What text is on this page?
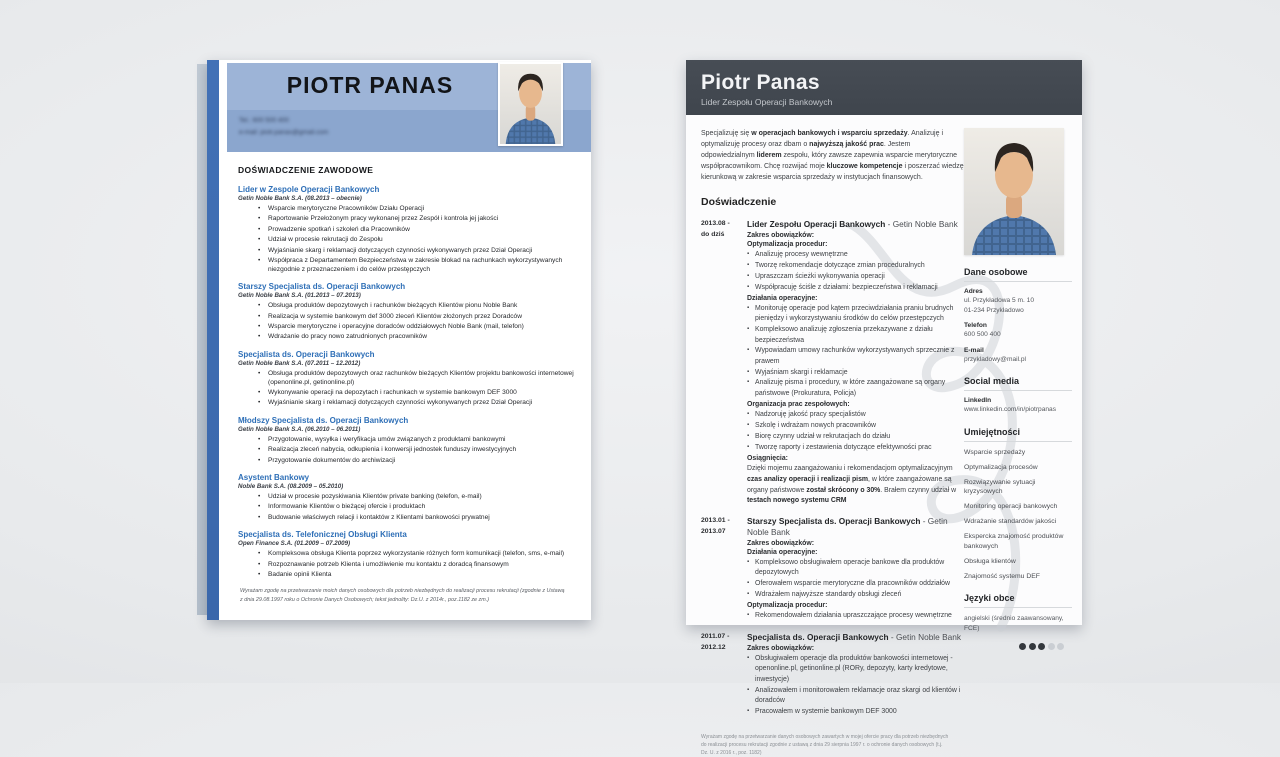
PIOTR PANAS
Tel.: 600 500 400
e-mail: piotr.panas@gmail.com
DOŚWIADCZENIE ZAWODOWE
Lider w Zespole Operacji Bankowych
Getin Noble Bank S.A. (08.2013 – obecnie)
• Wsparcie merytoryczne Pracowników Działu Operacji
• Raportowanie Przełożonym pracy wykonanej przez Zespół i kontrola jej jakości
• Prowadzenie spotkań i szkoleń dla Pracowników
• Udział w procesie rekrutacji do Zespołu
• Wyjaśnianie skarg i reklamacji dotyczących czynności wykonywanych przez Dział Operacji
• Współpraca z Departamentem Bezpieczeństwa w zakresie blokad na rachunkach wykorzystywanych niezgodnie z przeznaczeniem i do celów przestępczych
Starszy Specjalista ds. Operacji Bankowych
Getin Noble Bank S.A. (01.2013 – 07.2013)
• Obsługa produktów depozytowych i rachunków bieżących Klientów pionu Noble Bank
• Realizacja w systemie bankowym def 3000 zleceń Klientów złożonych przez Doradców
• Wsparcie merytoryczne i operacyjne doradców oddziałowych Noble Bank (mail, telefon)
• Wdrażanie do pracy nowo zatrudnionych pracowników
Specjalista ds. Operacji Bankowych
Getin Noble Bank S.A. (07.2011 – 12.2012)
• Obsługa produktów depozytowych oraz rachunków bieżących Klientów projektu bankowości internetowej (openonline.pl, getinonline.pl)
• Wykonywanie operacji na depozytach i rachunkach w systemie bankowym DEF 3000
• Wyjaśnianie skarg i reklamacji dotyczących czynności wykonywanych przez Dział Operacji
Młodszy Specjalista ds. Operacji Bankowych
Getin Noble Bank S.A. (06.2010 – 06.2011)
• Przygotowanie, wysyłka i weryfikacja umów związanych z produktami bankowymi
• Realizacja zleceń nabycia, odkupienia i konwersji jednostek funduszy inwestycyjnych
• Przygotowanie dokumentów do archiwizacji
Asystent Bankowy
Noble Bank S.A. (08.2009 – 05.2010)
• Udział w procesie pozyskiwania Klientów private banking (telefon, e-mail)
• Informowanie Klientów o bieżącej ofercie i produktach
• Budowanie właściwych relacji i kontaktów z Klientami bankowości prywatnej
Specjalista ds. Telefonicznej Obsługi Klienta
Open Finance S.A. (01.2009 – 07.2009)
• Kompleksowa obsługa Klienta poprzez wykorzystanie różnych form komunikacji (telefon, sms, e-mail)
• Rozpoznawanie potrzeb Klienta i umożliwienie mu kontaktu z doradcą finansowym
• Badanie opinii Klienta

Wyrażam zgodę na przetwarzanie moich danych osobowych dla potrzeb niezbędnych do realizacji procesu rekrutacji (zgodnie z Ustawą z dnia 29.08.1997 roku o Ochronie Danych Osobowych; tekst jednolity: Dz.U. z 2014r., poz.1182 ze zm.)

Piotr Panas
Lider Zespołu Operacji Bankowych

Specjalizuję się w operacjach bankowych i wsparciu sprzedaży. Analizuję i optymalizuję procesy oraz dbam o najwyższą jakość prac. Jestem odpowiedzialnym liderem zespołu, który zawsze zapewnia wsparcie merytoryczne współpracownikom. Chcę rozwijać moje kluczowe kompetencje i poszerzać wiedzę kierunkową w zakresie wsparcia sprzedaży w instytucjach finansowych.

Doświadczenie
2013.08 -
do dziś
Lider Zespołu Operacji Bankowych - Getin Noble Bank
Zakres obowiązków:
Optymalizacja procedur:
▪ Analizuję procesy wewnętrzne
▪ Tworzę rekomendacje dotyczące zmian proceduralnych
▪ Upraszczam ścieżki wykonywania operacji
▪ Współpracuję ściśle z działami: bezpieczeństwa i reklamacji
Działania operacyjne:
▪ Monitoruję operacje pod kątem przeciwdziałania praniu brudnych pieniędzy i wykorzystywaniu środków do celów przestępczych
▪ Kompleksowo analizuję zgłoszenia przekazywane z działu bezpieczeństwa
▪ Wypowiadam umowy rachunków wykorzystywanych sprzecznie z prawem
▪ Wyjaśniam skargi i reklamacje
▪ Analizuję pisma i procedury, w które zaangażowane są organy państwowe (Prokuratura, Policja)
Organizacja prac zespołowych:
▪ Nadzoruję jakość pracy specjalistów
▪ Szkolę i wdrażam nowych pracowników
▪ Biorę czynny udział w rekrutacjach do działu
▪ Tworzę raporty i zestawienia dotyczące efektywności prac
Osiągnięcia:

Dzięki mojemu zaangażowaniu i rekomendacjom optymalizacyjnym czas analizy operacji i realizacji pism, w które zaangażowane są organy państwowe został skrócony o 30%. Brałem czynny udział w testach nowego systemu CRM

2013.01 -
2013.07
Starszy Specjalista ds. Operacji Bankowych - Getin Noble Bank
Zakres obowiązków:
Działania operacyjne:
▪ Kompleksowo obsługiwałem operacje bankowe dla produktów depozytowych
▪ Oferowałem wsparcie merytoryczne dla pracowników oddziałów
▪ Wdrażałem najwyższe standardy obsługi zleceń
Optymalizacja procedur:
▪ Rekomendowałem działania upraszczające procesy wewnętrzne
2011.07 -
2012.12
Specjalista ds. Operacji Bankowych - Getin Noble Bank
Zakres obowiązków:
▪ Obsługiwałem operacje dla produktów bankowości internetowej - openonline.pl, getinonline.pl (RORy, depozyty, karty kredytowe, inwestycje)
▪ Analizowałem i monitorowałem reklamacje oraz skargi od klientów i doradców
▪ Pracowałem w systemie bankowym DEF 3000

Wyrażam zgodę na przetwarzanie danych osobowych zawartych w mojej ofercie pracy dla potrzeb niezbędnych do realizacji procesu rekrutacji zgodnie z ustawą z dnia 29 sierpnia 1997 r. o ochronie danych osobowych (t.j. Dz. U. z 2016 r., poz. 1182)

Dane osobowe
Adres
ul. Przykładowa 5 m. 10
01-234 Przykładowo
Telefon
600 500 400
E-mail
przykladowy@mail.pl
Social media
LinkedIn
www.linkedin.com/in/piotrpanas
Umiejętności
Wsparcie sprzedaży
Optymalizacja procesów
Rozwiązywanie sytuacji kryzysowych
Monitoring operacji bankowych
Wdrażanie standardów jakości
Ekspercka znajomość produktów bankowych
Obsługa klientów
Znajomość systemu DEF
Języki obce
angielski (średnio zaawansowany, FCE)
